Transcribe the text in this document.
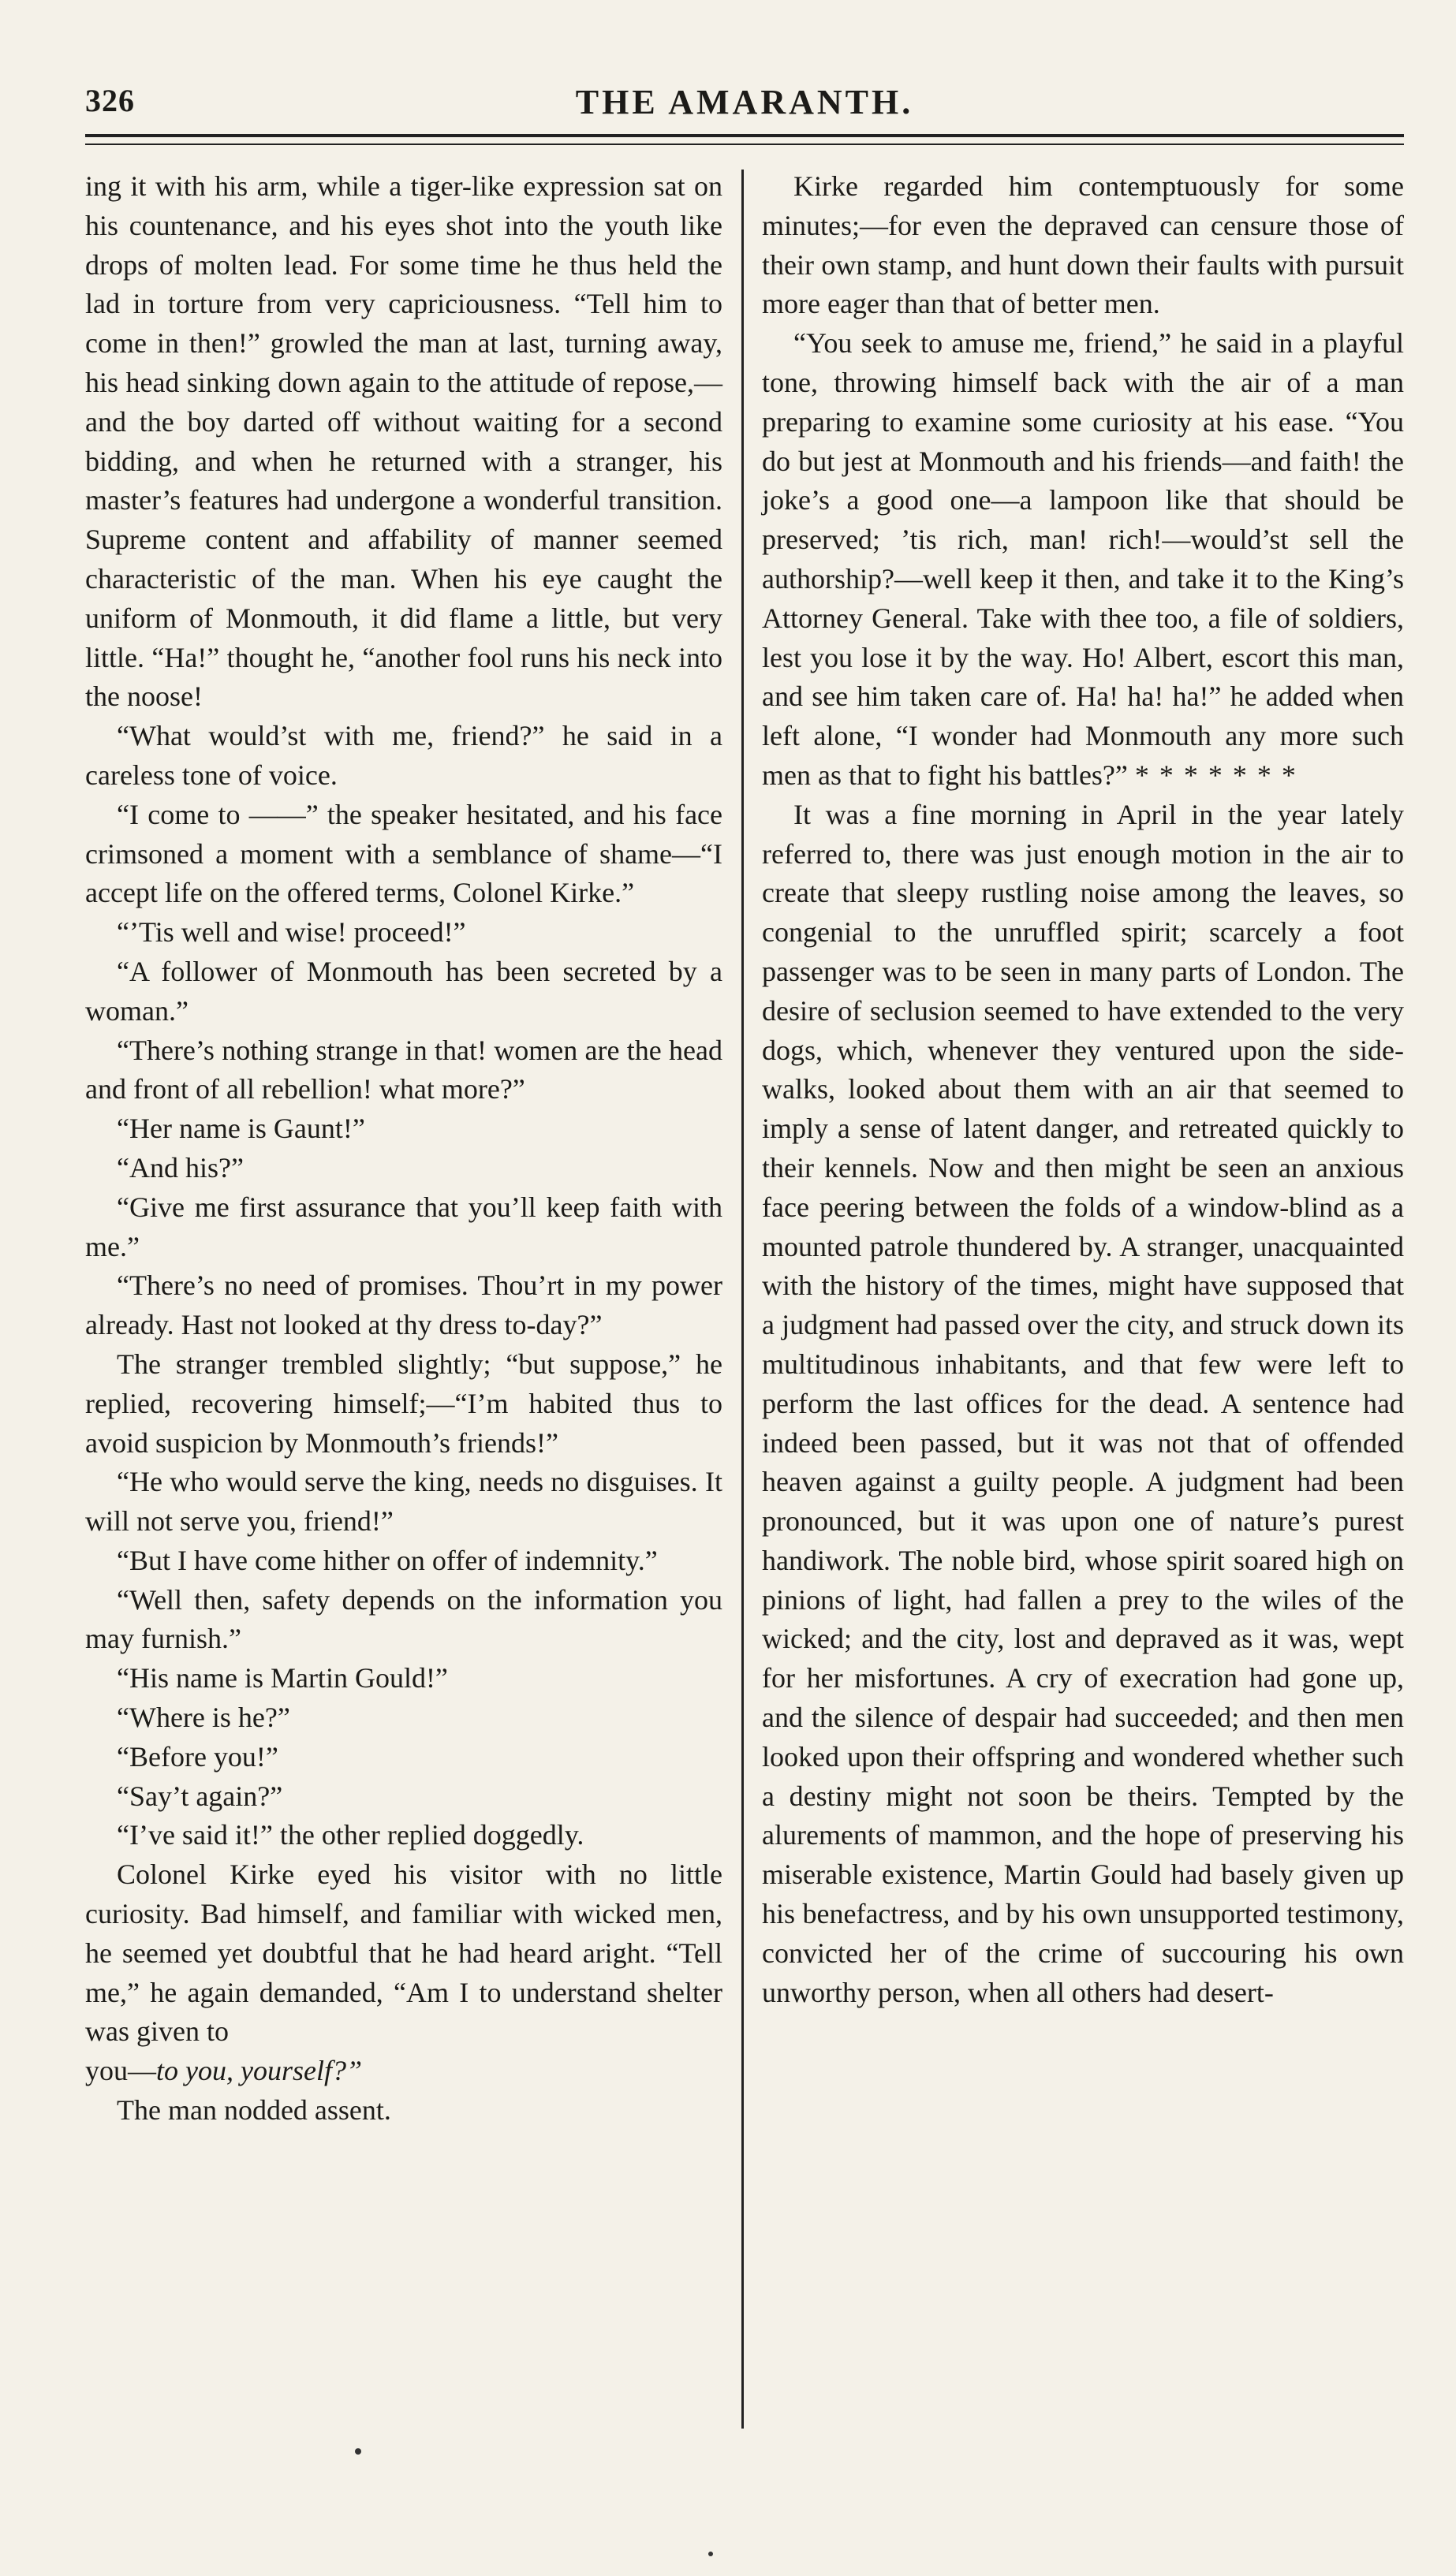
326	THE AMARANTH.

ing it with his arm, while a tiger-like expression sat on his countenance, and his eyes shot into the youth like drops of molten lead. For some time he thus held the lad in torture from very capriciousness. “Tell him to come in then!” growled the man at last, turning away, his head sinking down again to the attitude of repose,—and the boy darted off without waiting for a second bidding, and when he returned with a stranger, his master’s features had undergone a wonderful transition. Supreme content and affability of manner seemed characteristic of the man. When his eye caught the uniform of Monmouth, it did flame a little, but very little. “Ha!” thought he, “another fool runs his neck into the noose!

“What would’st with me, friend?” he said in a careless tone of voice.

“I come to ——” the speaker hesitated, and his face crimsoned a moment with a semblance of shame—“I accept life on the offered terms, Colonel Kirke.”

“’Tis well and wise! proceed!”

“A follower of Monmouth has been secreted by a woman.”

“There’s nothing strange in that! women are the head and front of all rebellion! what more?”

“Her name is Gaunt!”

“And his?”

“Give me first assurance that you’ll keep faith with me.”

“There’s no need of promises. Thou’rt in my power already. Hast not looked at thy dress to-day?”

The stranger trembled slightly; “but suppose,” he replied, recovering himself;—“I’m habited thus to avoid suspicion by Monmouth’s friends!”

“He who would serve the king, needs no disguises. It will not serve you, friend!”

“But I have come hither on offer of indemnity.”

“Well then, safety depends on the information you may furnish.”

“His name is Martin Gould!”

“Where is he?”

“Before you!”

“Say’t again?”

“I’ve said it!” the other replied doggedly.

Colonel Kirke eyed his visitor with no little curiosity. Bad himself, and familiar with wicked men, he seemed yet doubtful that he had heard aright. “Tell me,” he again demanded, “Am I to understand shelter was given to

you—to you, yourself?”

The man nodded assent.

Kirke regarded him contemptuously for some minutes;—for even the depraved can censure those of their own stamp, and hunt down their faults with pursuit more eager than that of better men.

“You seek to amuse me, friend,” he said in a playful tone, throwing himself back with the air of a man preparing to examine some curiosity at his ease. “You do but jest at Monmouth and his friends—and faith! the joke’s a good one—a lampoon like that should be preserved; ’tis rich, man! rich!—would’st sell the authorship?—well keep it then, and take it to the King’s Attorney General. Take with thee too, a file of soldiers, lest you lose it by the way. Ho! Albert, escort this man, and see him taken care of. Ha! ha! ha!” he added when left alone, “I wonder had Monmouth any more such men as that to fight his battles?” * * * * * * *

It was a fine morning in April in the year lately referred to, there was just enough motion in the air to create that sleepy rustling noise among the leaves, so congenial to the unruffled spirit; scarcely a foot passenger was to be seen in many parts of London. The desire of seclusion seemed to have extended to the very dogs, which, whenever they ventured upon the side-walks, looked about them with an air that seemed to imply a sense of latent danger, and retreated quickly to their kennels. Now and then might be seen an anxious face peering between the folds of a window-blind as a mounted patrole thundered by. A stranger, unacquainted with the history of the times, might have supposed that a judgment had passed over the city, and struck down its multitudinous inhabitants, and that few were left to perform the last offices for the dead. A sentence had indeed been passed, but it was not that of offended heaven against a guilty people. A judgment had been pronounced, but it was upon one of nature’s purest handiwork. The noble bird, whose spirit soared high on pinions of light, had fallen a prey to the wiles of the wicked; and the city, lost and depraved as it was, wept for her misfortunes. A cry of execration had gone up, and the silence of despair had succeeded; and then men looked upon their offspring and wondered whether such a destiny might not soon be theirs. Tempted by the alurements of mammon, and the hope of preserving his miserable existence, Martin Gould had basely given up his benefactress, and by his own unsupported testimony, convicted her of the crime of succouring his own unworthy person, when all others had desert-
